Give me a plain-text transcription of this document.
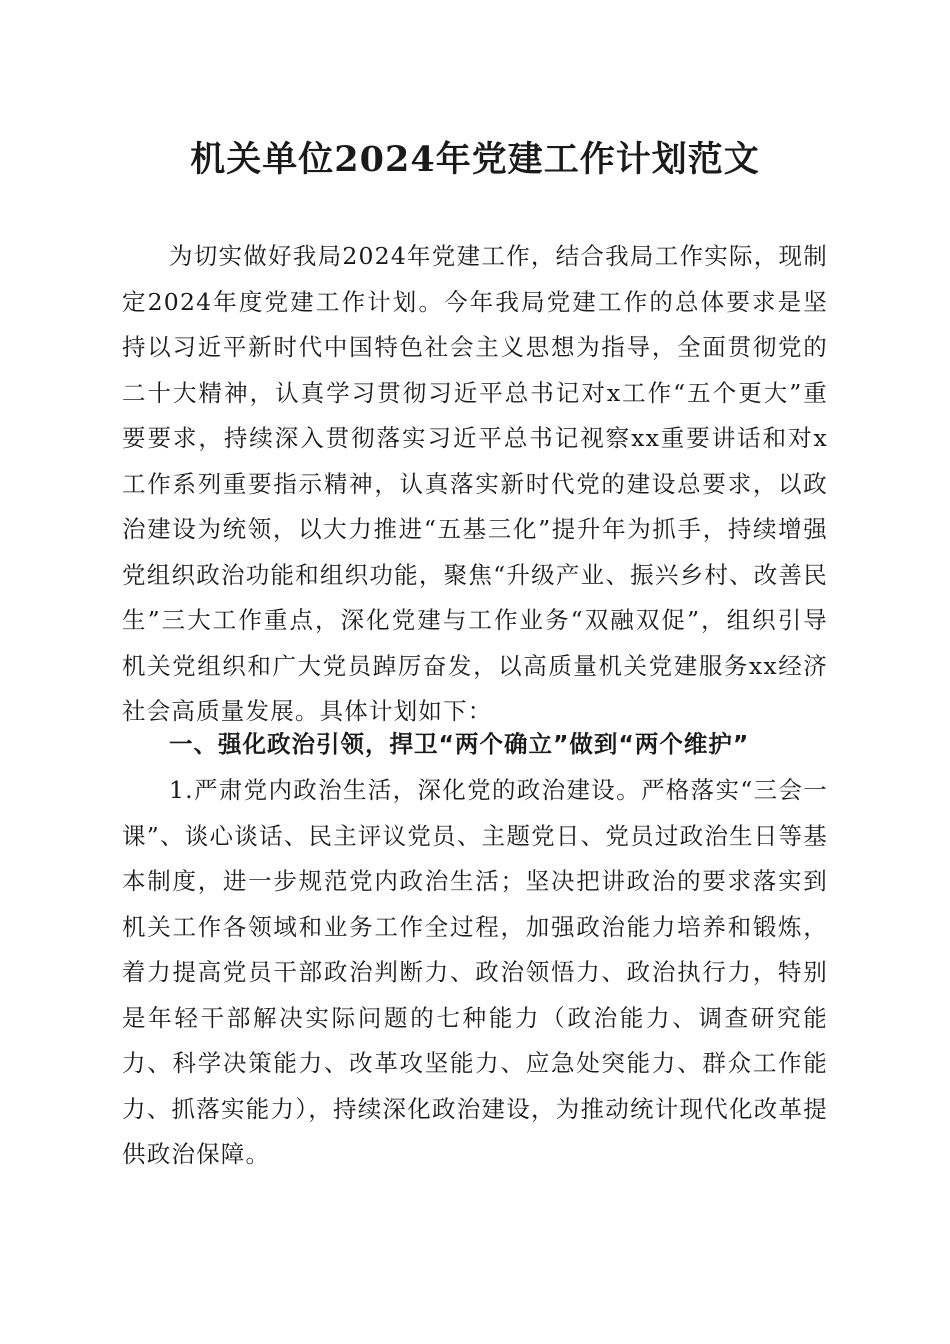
机关单位2024年党建工作计划范文

为切实做好我局2024年党建工作，结合我局工作实际，现制定2024年度党建工作计划。今年我局党建工作的总体要求是坚持以习近平新时代中国特色社会主义思想为指导，全面贯彻党的二十大精神，认真学习贯彻习近平总书记对x工作“五个更大”重要要求，持续深入贯彻落实习近平总书记视察xx重要讲话和对x工作系列重要指示精神，认真落实新时代党的建设总要求，以政治建设为统领，以大力推进“五基三化”提升年为抓手，持续增强党组织政治功能和组织功能，聚焦“升级产业、振兴乡村、改善民生”三大工作重点，深化党建与工作业务“双融双促”，组织引导机关党组织和广大党员踔厉奋发，以高质量机关党建服务xx经济社会高质量发展。具体计划如下：

一、强化政治引领，捍卫“两个确立”做到“两个维护”

1.严肃党内政治生活，深化党的政治建设。严格落实“三会一课”、谈心谈话、民主评议党员、主题党日、党员过政治生日等基本制度，进一步规范党内政治生活；坚决把讲政治的要求落实到机关工作各领域和业务工作全过程，加强政治能力培养和锻炼，着力提高党员干部政治判断力、政治领悟力、政治执行力，特别是年轻干部解决实际问题的七种能力（政治能力、调查研究能力、科学决策能力、改革攻坚能力、应急处突能力、群众工作能力、抓落实能力），持续深化政治建设，为推动统计现代化改革提供政治保障。
